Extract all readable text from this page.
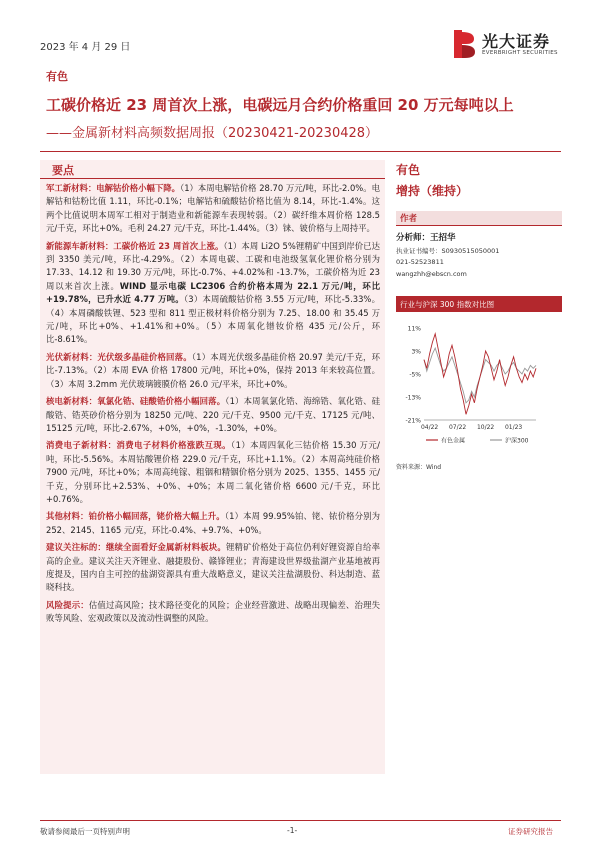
2023 年 4 月 29 日	光大证券
EVERBRIGHT SECURITIES
有色
工碳价格近 23 周首次上涨，电碳远月合约价格重回 20 万元每吨以上
——金属新材料高频数据周报（20230421-20230428）
要点

军工新材料：电解钴价格小幅下降。（1）本周电解钴价格 28.70 万元/吨，环比-2.0%。电解钴和钴粉比值 1.11，环比-0.1%；电解钴和硫酸钴价格比值为 8.14，环比-1.4%。这两个比值说明本周军工相对于制造业和新能源车表现转弱。（2）碳纤维本周价格 128.5 元/千克，环比+0%。毛利 24.27 元/千克，环比-1.44%。（3）铼、铍价格与上周持平。

新能源车新材料：工碳价格近 23 周首次上涨。（1）本周 Li2O 5%锂精矿中国到岸价已达到 3350 美元/吨，环比-4.29%。（2）本周电碳、工碳和电池级氢氧化锂价格分别为 17.33、14.12 和 19.30 万元/吨，环比-0.7%、+4.02%和 -13.7%，工碳价格为近 23 周以来首次上涨。WIND 显示电碳 LC2306 合约价格本周为 22.1 万元/吨，环比+19.78%，已升水近 4.77 万吨。（3）本周硫酸钴价格 3.55 万元/吨，环比-5.33%。（4）本周磷酸铁锂、523 型和 811 型正极材料价格分别为 7.25、18.00 和 35.45 万元/吨，环比+0%、+1.41%和+0%。（5）本周氧化镨钕价格 435 元/公斤，环比-8.61%。

光伏新材料：光伏级多晶硅价格回落。（1）本周光伏级多晶硅价格 20.97 美元/千克，环比-7.13%。（2）本周 EVA 价格 17800 元/吨，环比+0%，保持 2013 年来较高位置。（3）本周 3.2mm 光伏玻璃镀膜价格 26.0 元/平米，环比+0%。

核电新材料：氧氯化锆、硅酸锆价格小幅回落。（1）本周氧氯化锆、海绵锆、氧化锆、硅酸锆、锆英砂价格分别为 18250 元/吨、220 元/千克、9500 元/千克、17125 元/吨、15125 元/吨，环比-2.67%，+0%，+0%，-1.30%，+0%。

消费电子新材料：消费电子材料价格涨跌互现。（1）本周四氧化三钴价格 15.30 万元/吨，环比-5.56%。本周钴酸锂价格 229.0 元/千克，环比+1.1%。（2）本周高纯硅价格 7900 元/吨，环比+0%；本周高纯镓、粗铟和精铟价格分别为 2025、1355、1455 元/千克，分别环比+2.53%、+0%、+0%；本周二氧化锗价格 6600 元/千克，环比+0.76%。

其他材料：铂价格小幅回落，铑价格大幅上升。（1）本周 99.95%铂、铑、铱价格分别为 252、2145、1165 元/克，环比-0.4%、+9.7%、+0%。

建议关注标的：继续全面看好金属新材料板块。锂精矿价格处于高位仍利好锂资源自给率高的企业。建议关注天齐锂业、融捷股份、赣锋锂业；青海建设世界级盐湖产业基地被再度提及，国内自主可控的盐湖资源具有重大战略意义，建议关注盐湖股份、科达制造、蓝晓科技。

风险提示：估值过高风险；技术路径变化的风险；企业经营激进、战略出现偏差、治理失败等风险、宏观政策以及流动性调整的风险。

有色
增持（维持）
作者
分析师：王招华
执业证书编号：S0930515050001
021-52523811
wangzhh@ebscn.com
行业与沪深 300 指数对比图
11%
3%
-5%
-13%
-21%
04/22 07/22 10/22 01/23
有色金属	沪深300
资料来源：Wind
敬请参阅最后一页特别声明	-1-	证券研究报告
